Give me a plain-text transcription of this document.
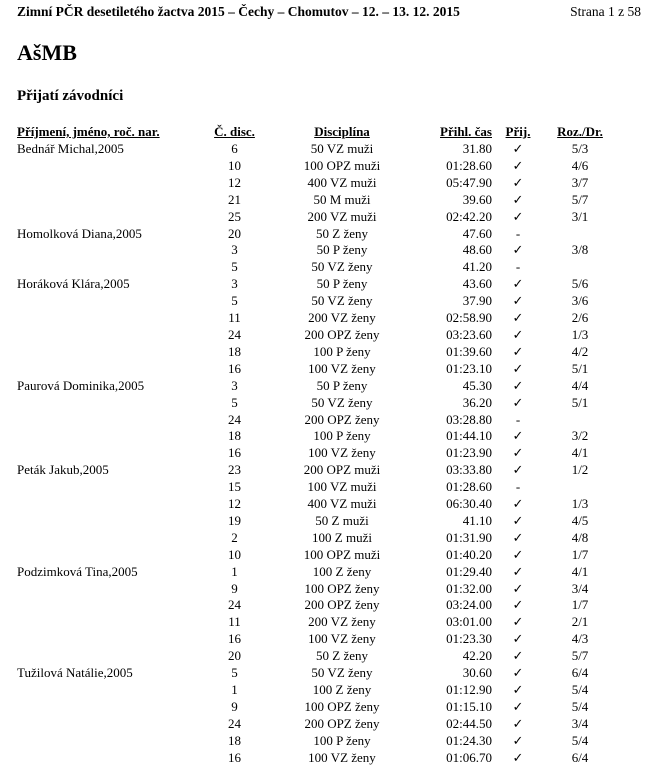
Zimní PČR desetiletého žactva 2015 – Čechy – Chomutov – 12. – 13. 12. 2015	Strana 1 z 58
AšMB
Přijatí závodníci
Příjmení, jméno, roč. nar.	Č. disc.	Disciplína	Přihl. čas	Přij.	Roz./Dr.
Bednář Michal,2005	6	50 VZ muži	31.80	✓	5/3
	10	100 OPZ muži	01:28.60	✓	4/6
	12	400 VZ muži	05:47.90	✓	3/7
	21	50 M muži	39.60	✓	5/7
	25	200 VZ muži	02:42.20	✓	3/1
Homolková Diana,2005	20	50 Z ženy	47.60	-	
	3	50 P ženy	48.60	✓	3/8
	5	50 VZ ženy	41.20	-	
Horáková Klára,2005	3	50 P ženy	43.60	✓	5/6
	5	50 VZ ženy	37.90	✓	3/6
	11	200 VZ ženy	02:58.90	✓	2/6
	24	200 OPZ ženy	03:23.60	✓	1/3
	18	100 P ženy	01:39.60	✓	4/2
	16	100 VZ ženy	01:23.10	✓	5/1
Paurová Dominika,2005	3	50 P ženy	45.30	✓	4/4
	5	50 VZ ženy	36.20	✓	5/1
	24	200 OPZ ženy	03:28.80	-	
	18	100 P ženy	01:44.10	✓	3/2
	16	100 VZ ženy	01:23.90	✓	4/1
Peták Jakub,2005	23	200 OPZ muži	03:33.80	✓	1/2
	15	100 VZ muži	01:28.60	-	
	12	400 VZ muži	06:30.40	✓	1/3
	19	50 Z muži	41.10	✓	4/5
	2	100 Z muži	01:31.90	✓	4/8
	10	100 OPZ muži	01:40.20	✓	1/7
Podzimková Tina,2005	1	100 Z ženy	01:29.40	✓	4/1
	9	100 OPZ ženy	01:32.00	✓	3/4
	24	200 OPZ ženy	03:24.00	✓	1/7
	11	200 VZ ženy	03:01.00	✓	2/1
	16	100 VZ ženy	01:23.30	✓	4/3
	20	50 Z ženy	42.20	✓	5/7
Tužilová Natálie,2005	5	50 VZ ženy	30.60	✓	6/4
	1	100 Z ženy	01:12.90	✓	5/4
	9	100 OPZ ženy	01:15.10	✓	5/4
	24	200 OPZ ženy	02:44.50	✓	3/4
	18	100 P ženy	01:24.30	✓	5/4
	16	100 VZ ženy	01:06.70	✓	6/4
